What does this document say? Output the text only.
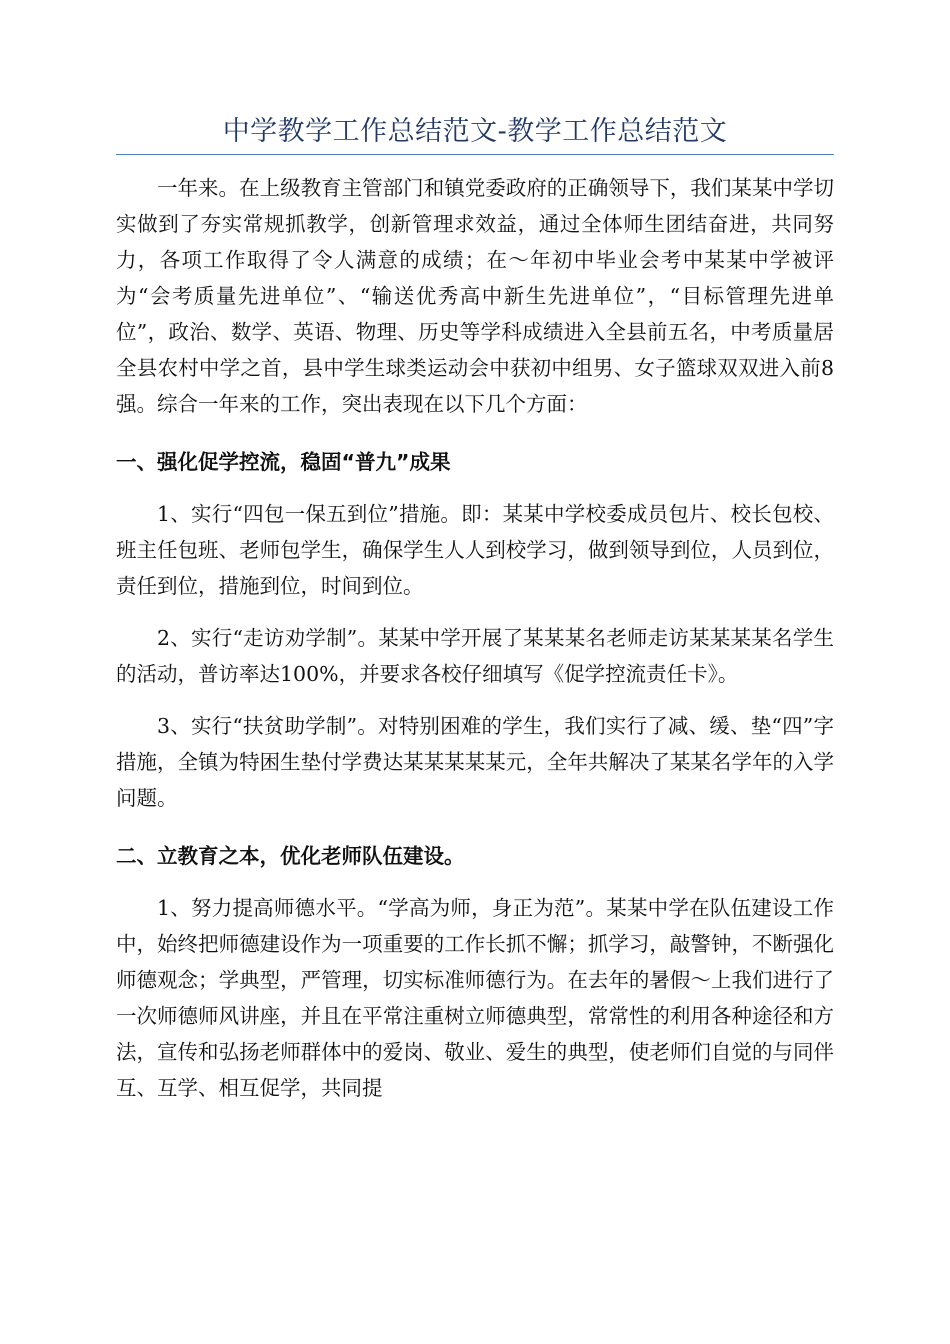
中学教学工作总结范文-教学工作总结范文

一年来。在上级教育主管部门和镇党委政府的正确领导下，我们某某中学切实做到了夯实常规抓教学，创新管理求效益，通过全体师生团结奋进，共同努力，各项工作取得了令人满意的成绩；在～年初中毕业会考中某某中学被评为“会考质量先进单位”、“输送优秀高中新生先进单位”，“目标管理先进单位”，政治、数学、英语、物理、历史等学科成绩进入全县前五名，中考质量居全县农村中学之首，县中学生球类运动会中获初中组男、女子篮球双双进入前8强。综合一年来的工作，突出表现在以下几个方面：

一、强化促学控流，稳固“普九”成果

1、实行“四包一保五到位”措施。即：某某中学校委成员包片、校长包校、班主任包班、老师包学生，确保学生人人到校学习，做到领导到位，人员到位，责任到位，措施到位，时间到位。

2、实行“走访劝学制”。某某中学开展了某某某名老师走访某某某某名学生的活动，普访率达100%，并要求各校仔细填写《促学控流责任卡》。

3、实行“扶贫助学制”。对特别困难的学生，我们实行了减、缓、垫“四”字措施，全镇为特困生垫付学费达某某某某某元，全年共解决了某某名学年的入学问题。

二、立教育之本，优化老师队伍建设。

1、努力提高师德水平。“学高为师，身正为范”。某某中学在队伍建设工作中，始终把师德建设作为一项重要的工作长抓不懈；抓学习，敲警钟，不断强化师德观念；学典型，严管理，切实标准师德行为。在去年的暑假～上我们进行了一次师德师风讲座，并且在平常注重树立师德典型，常常性的利用各种途径和方法，宣传和弘扬老师群体中的爱岗、敬业、爱生的典型，使老师们自觉的与同伴互、互学、相互促学，共同提
